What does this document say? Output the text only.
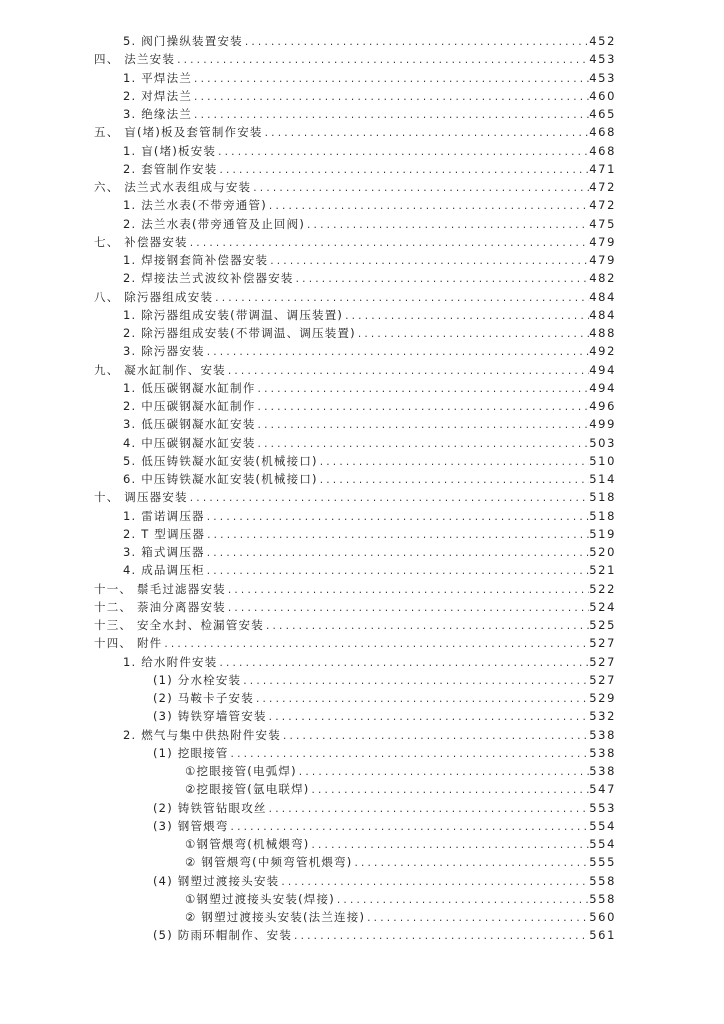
5. 阀门操纵装置安装 .....	452
四、 法兰安装 .....	453
1. 平焊法兰 .....	453
2. 对焊法兰 .....	460
3. 绝缘法兰 .....	465
五、 盲(堵)板及套管制作安装 .....	468
1. 盲(堵)板安装 .....	468
2. 套管制作安装 .....	471
六、 法兰式水表组成与安装 .....	472
1. 法兰水表(不带旁通管) .....	472
2. 法兰水表(带旁通管及止回阀) .....	475
七、 补偿器安装 .....	479
1. 焊接钢套筒补偿器安装 .....	479
2. 焊接法兰式波纹补偿器安装 .....	482
八、 除污器组成安装 .....	484
1. 除污器组成安装(带调温、调压装置) .....	484
2. 除污器组成安装(不带调温、调压装置) .....	488
3. 除污器安装 .....	492
九、 凝水缸制作、安装 .....	494
1. 低压碳钢凝水缸制作 .....	494
2. 中压碳钢凝水缸制作 .....	496
3. 低压碳钢凝水缸安装 .....	499
4. 中压碳钢凝水缸安装 .....	503
5. 低压铸铁凝水缸安装(机械接口) .....	510
6. 中压铸铁凝水缸安装(机械接口) .....	514
十、 调压器安装 .....	518
1. 雷诺调压器 .....	518
2. T 型调压器 .....	519
3. 箱式调压器 .....	520
4. 成品调压柜 .....	521
十一、 鬃毛过滤器安装 .....	522
十二、 萘油分离器安装 .....	524
十三、 安全水封、检漏管安装 .....	525
十四、 附件 .....	527
1. 给水附件安装 .....	527
(1) 分水栓安装 .....	527
(2) 马鞍卡子安装 .....	529
(3) 铸铁穿墙管安装 .....	532
2. 燃气与集中供热附件安装 .....	538
(1) 挖眼接管 .....	538
①挖眼接管(电弧焊) .....	538
②挖眼接管(氩电联焊) .....	547
(2) 铸铁管钻眼攻丝 .....	553
(3) 钢管煨弯 .....	554
①钢管煨弯(机械煨弯) .....	554
② 钢管煨弯(中频弯管机煨弯) .....	555
(4) 钢塑过渡接头安装 .....	558
①钢塑过渡接头安装(焊接) .....	558
② 钢塑过渡接头安装(法兰连接) .....	560
(5) 防雨环帽制作、安装 .....	561
